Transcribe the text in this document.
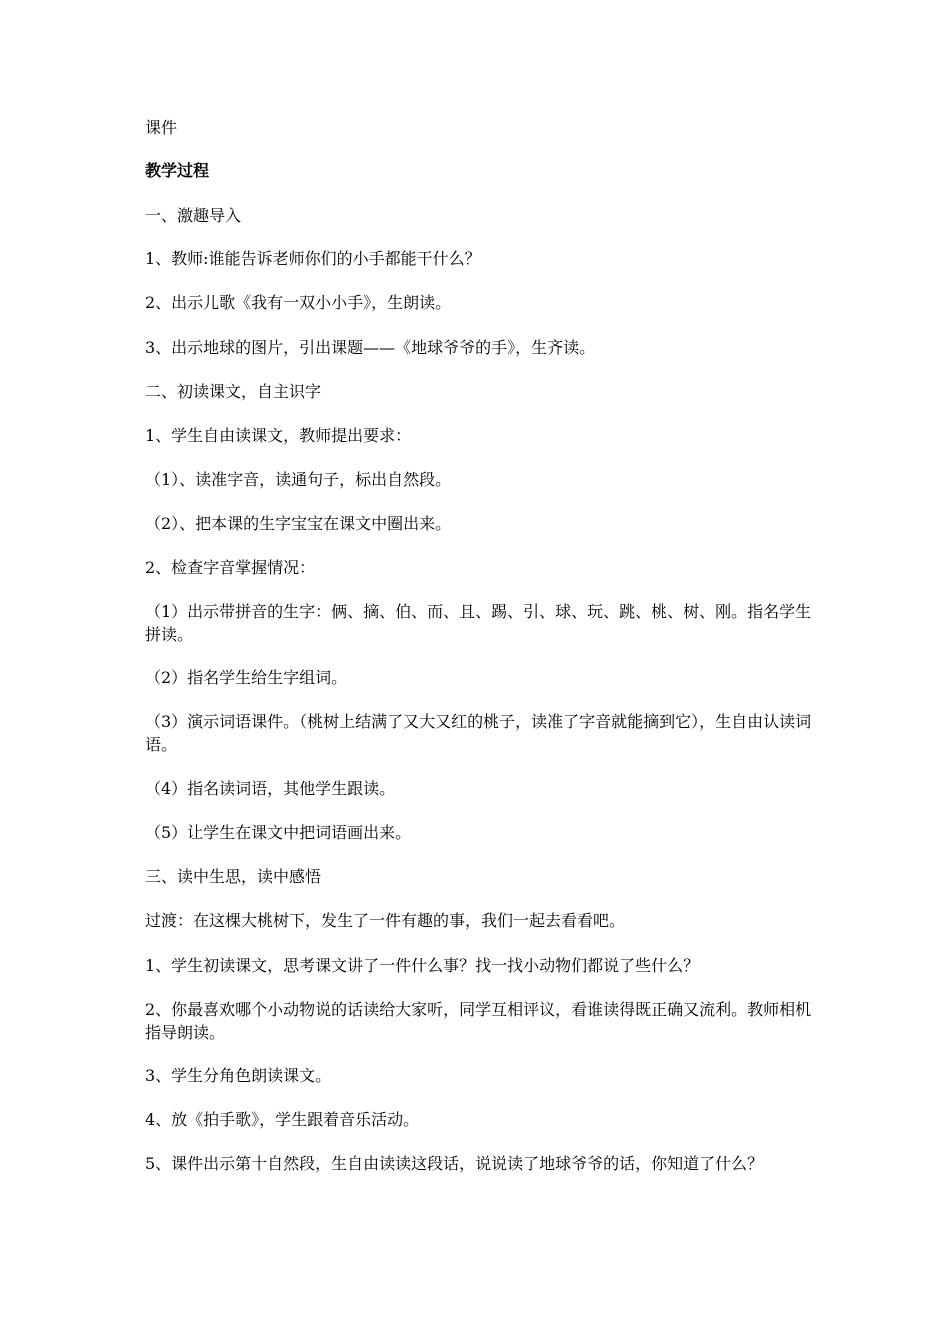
课件
教学过程
一、激趣导入
1、教师:谁能告诉老师你们的小手都能干什么？
2、出示儿歌《我有一双小小手》，生朗读。
3、出示地球的图片，引出课题——《地球爷爷的手》，生齐读。
二、初读课文，自主识字
1、学生自由读课文，教师提出要求：
（1）、读准字音，读通句子，标出自然段。
（2）、把本课的生字宝宝在课文中圈出来。
2、检查字音掌握情况：
（1）出示带拼音的生字：俩、摘、伯、而、且、踢、引、球、玩、跳、桃、树、刚。指名学生拼读。
（2）指名学生给生字组词。
（3）演示词语课件。（桃树上结满了又大又红的桃子，读准了字音就能摘到它），生自由认读词语。
（4）指名读词语，其他学生跟读。
（5）让学生在课文中把词语画出来。
三、读中生思，读中感悟
过渡：在这棵大桃树下，发生了一件有趣的事，我们一起去看看吧。
1、学生初读课文，思考课文讲了一件什么事？找一找小动物们都说了些什么？
2、你最喜欢哪个小动物说的话读给大家听，同学互相评议，看谁读得既正确又流利。教师相机指导朗读。
3、学生分角色朗读课文。
4、放《拍手歌》，学生跟着音乐活动。
5、课件出示第十自然段，生自由读读这段话，说说读了地球爷爷的话，你知道了什么？
